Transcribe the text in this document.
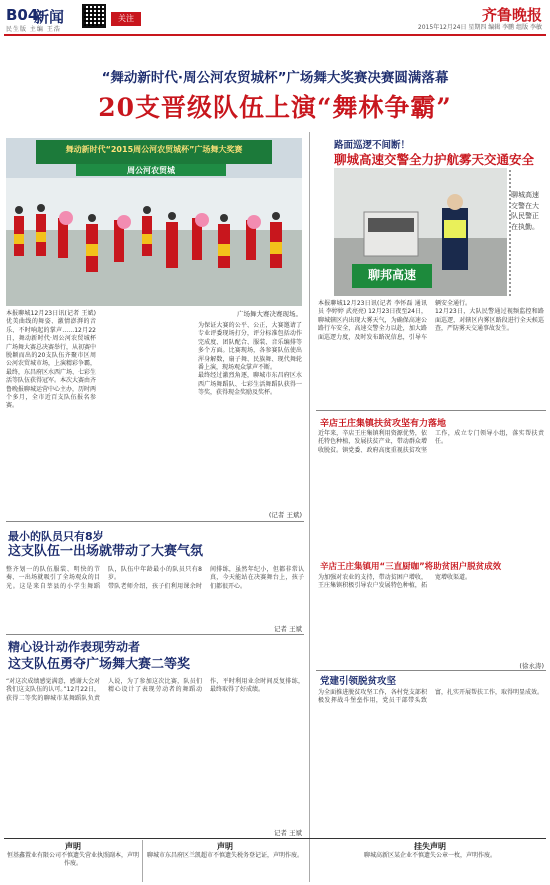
B04
新闻
民生版 主编 王浩
关注	齐鲁晚报
2015年12月24日 星期四 编辑 李鹏 组版 李敏
“舞动新时代·周公河农贸城杯”广场舞大奖赛决赛圆满落幕
20支晋级队伍上演“舞林争霸”
舞动新时代“2015周公河农贸城杯”广场舞大奖赛
周公河农贸城
本报聊城12月23日讯(记者 王斌) 优美曲线的舞姿、激情澎湃的音乐、不时响起的掌声……12月22日，舞动新时代·周公河农贸城杯广场舞大赛总决赛举行，从初赛中脱颖而出的20支队伍齐聚市区周公河农贸城市场，上演精彩争霸，最终，东昌府区水西广场、七彩生活等队伍获得冠军。本次大赛由齐鲁晚报聊城运营中心主办，历时两个多月，全市近百支队伍报名参赛。
广场舞大赛决赛现场。
为保证大赛的公平、公正，大赛邀请了专业评委现场打分，评分标准包括动作完成度、团队配合、服装、音乐编排等多个方面。比赛现场，各参赛队伍使出浑身解数，扇子舞、民族舞、现代舞轮番上演，现场观众掌声不断。
最终经过激烈角逐，聊城市东昌府区水西广场舞蹈队、七彩生活舞蹈队获得一等奖，获得现金奖励及奖杯。
(记者 王斌)
路面巡逻不间断！
聊城高速交警全力护航雾天交通安全
聊邦高速
聊城高速交警在大队民警正在执勤。
本报聊城12月23日讯(记者 李怀磊 通讯员 李婷婷 武亮亮) 12月23日夜至24日，聊城辖区内出现大雾天气，为确保高速公路行车安全，高速交警全力以赴，加大路面巡逻力度，及时发布路况信息，引导车辆安全通行。
12月23日，大队民警通过视频监控和路面巡逻，对辖区内雾区路段进行全天候巡查，严防雾天交通事故发生。
辛店王庄集镇扶贫攻坚有力落地
近年来，辛店王庄集镇利用资源优势，依托特色种植，发展扶贫产业，带动群众增收脱贫。镇党委、政府高度重视扶贫攻坚工作，成立专门领导小组，落实帮扶责任。
辛店王庄集镇用“三直厨咖”将助贫困户脱贫成效
为加强对农业的支持，带动贫困户增收，王庄集镇积极引导农户发展特色种植，拓宽增收渠道。
(徐永涛)
党建引领脱贫攻坚
为全面推进脱贫攻坚工作，各村党支部积极发挥战斗堡垒作用，党员干部带头致富，扎实开展帮扶工作，取得明显成效。
最小的队员只有8岁
这支队伍一出场就带动了大赛气氛
整齐划一的队伍服装、明快的节奏、一出场就吸引了全场观众的目光。这是来自莘县的小学生舞蹈队，队伍中年龄最小的队员只有8岁。
带队老师介绍，孩子们利用课余时间排练，虽然年纪小，但都非常认真，今天能站在决赛舞台上，孩子们都很开心。
记者 王斌
精心设计动作表现劳动者
这支队伍勇夺广场舞大赛二等奖
“对这次成绩感觉满意，感谢大会对我们这支队伍的认可。”12月22日，获得二等奖的聊城市某舞蹈队负责人说，为了参加这次比赛，队员们精心设计了表现劳动者的舞蹈动作，平时利用业余时间反复排练，最终取得了好成绩。
记者 王斌
声明
恒基鑫置业有限公司不慎遗失营业执照副本，声明作废。
声明
聊城市东昌府区兰凯超市不慎遗失税务登记证，声明作废。
挂失声明
聊城高新区某企业不慎遗失公章一枚，声明作废。
